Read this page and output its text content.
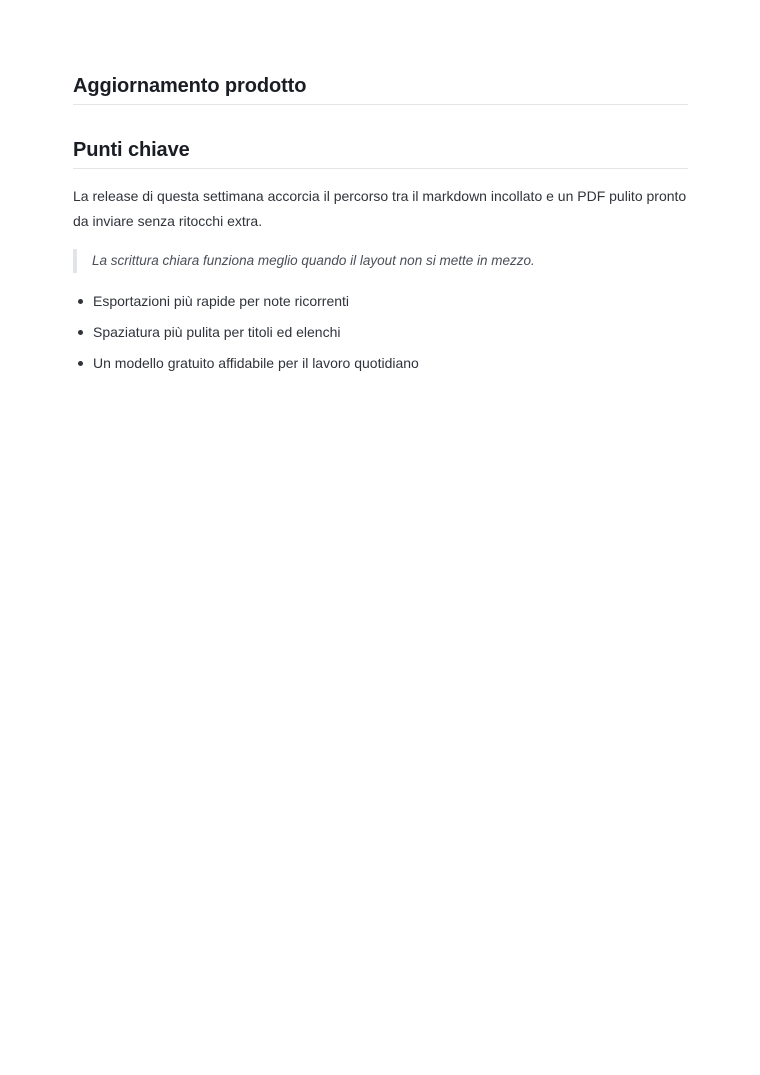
Aggiornamento prodotto
Punti chiave

La release di questa settimana accorcia il percorso tra il markdown incollato e un PDF pulito pronto da inviare senza ritocchi extra.

La scrittura chiara funziona meglio quando il layout non si mette in mezzo.
Esportazioni più rapide per note ricorrenti
Spaziatura più pulita per titoli ed elenchi
Un modello gratuito affidabile per il lavoro quotidiano
